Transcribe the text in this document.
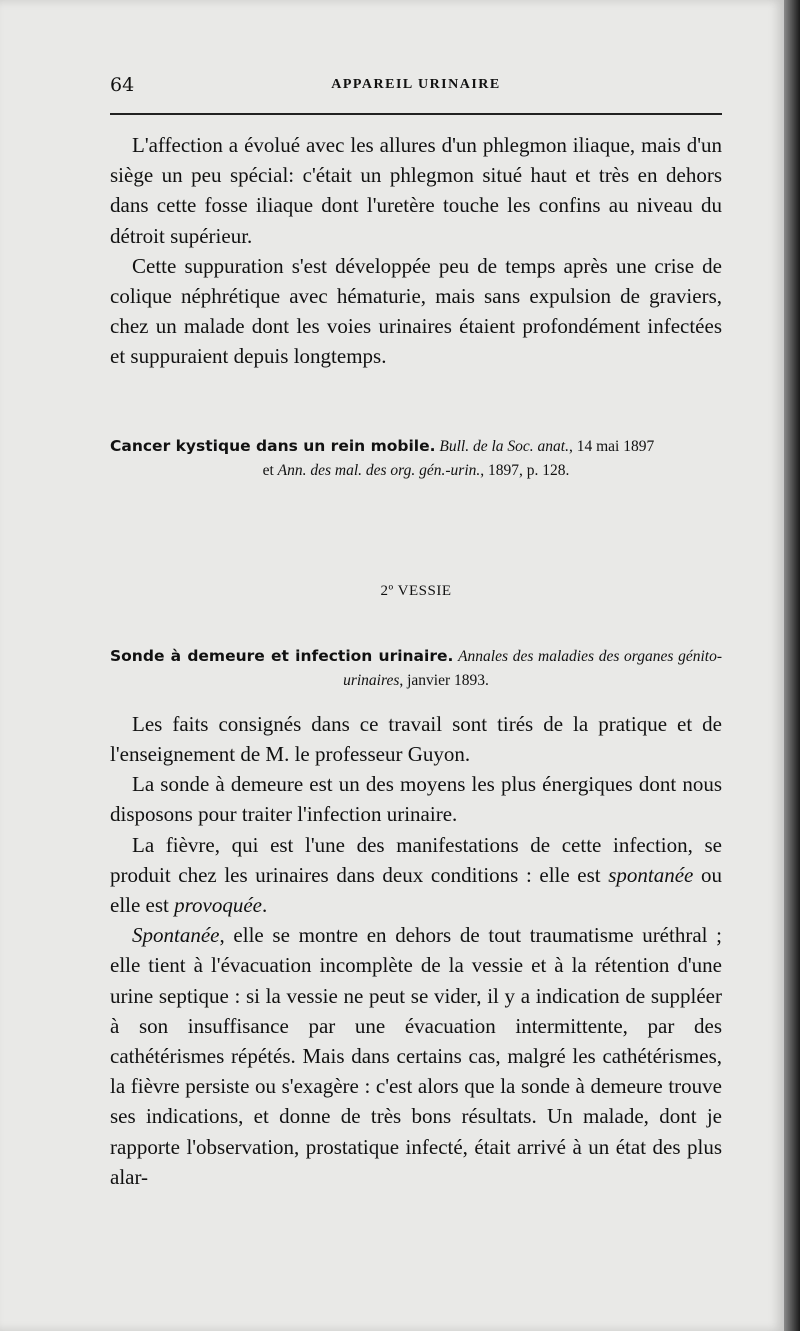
64	APPAREIL URINAIRE

L'affection a évolué avec les allures d'un phlegmon iliaque, mais d'un siège un peu spécial: c'était un phlegmon situé haut et très en dehors dans cette fosse iliaque dont l'uretère touche les confins au niveau du détroit supérieur.

Cette suppuration s'est développée peu de temps après une crise de colique néphrétique avec hématurie, mais sans expulsion de graviers, chez un malade dont les voies urinaires étaient profondément infectées et suppuraient depuis longtemps.

Cancer kystique dans un rein mobile. Bull. de la Soc. anat., 14 mai 1897
et Ann. des mal. des org. gén.-urin., 1897, p. 128.
2º VESSIE
Sonde à demeure et infection urinaire. Annales des maladies des organes génito-urinaires, janvier 1893.

Les faits consignés dans ce travail sont tirés de la pratique et de l'enseignement de M. le professeur Guyon.

La sonde à demeure est un des moyens les plus énergiques dont nous disposons pour traiter l'infection urinaire.

La fièvre, qui est l'une des manifestations de cette infection, se produit chez les urinaires dans deux conditions : elle est spontanée ou elle est provoquée.

Spontanée, elle se montre en dehors de tout traumatisme uréthral ; elle tient à l'évacuation incomplète de la vessie et à la rétention d'une urine septique : si la vessie ne peut se vider, il y a indication de suppléer à son insuffisance par une évacuation intermittente, par des cathétérismes répétés. Mais dans certains cas, malgré les cathétérismes, la fièvre persiste ou s'exagère : c'est alors que la sonde à demeure trouve ses indications, et donne de très bons résultats. Un malade, dont je rapporte l'observation, prostatique infecté, était arrivé à un état des plus alar-
